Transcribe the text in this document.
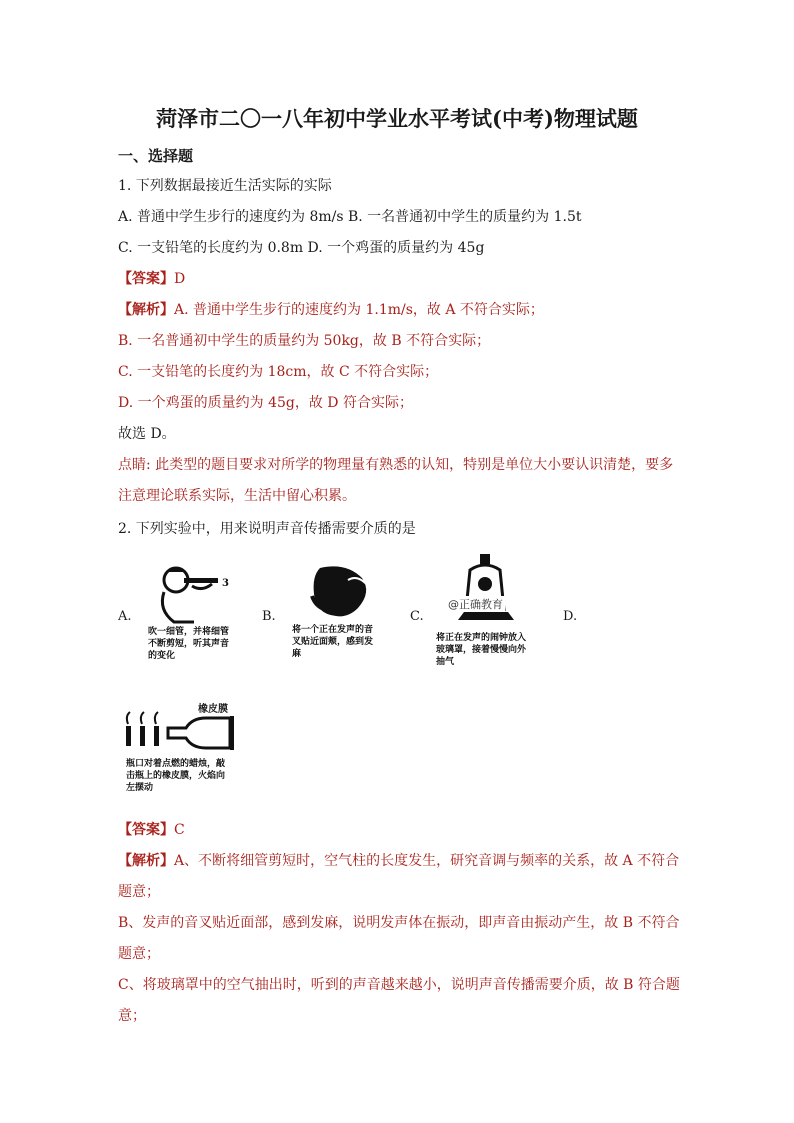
菏泽市二〇一八年初中学业水平考试(中考)物理试题
一、选择题
1. 下列数据最接近生活实际的实际
A. 普通中学生步行的速度约为 8m/s B. 一名普通初中学生的质量约为 1.5t
C. 一支铅笔的长度约为 0.8m D. 一个鸡蛋的质量约为 45g
【答案】D
【解析】A. 普通中学生步行的速度约为 1.1m/s，故 A 不符合实际；
B. 一名普通初中学生的质量约为 50kg，故 B 不符合实际；
C. 一支铅笔的长度约为 18cm，故 C 不符合实际；
D. 一个鸡蛋的质量约为 45g，故 D 符合实际；
故选 D。
点睛: 此类型的题目要求对所学的物理量有熟悉的认知，特别是单位大小要认识清楚，要多
注意理论联系实际，生活中留心积累。
2. 下列实验中，用来说明声音传播需要介质的是
A.	B.	C.	D.
3
吹一细管，并将细管不断剪短，听其声音的变化
将一个正在发声的音叉贴近面颊，感到发麻
@正确教育
将正在发声的闹钟放入玻璃罩，接着慢慢向外抽气
橡皮膜
瓶口对着点燃的蜡烛，敲击瓶上的橡皮膜，火焰向左摆动
【答案】C
【解析】A、不断将细管剪短时，空气柱的长度发生，研究音调与频率的关系，故 A 不符合
题意；
B、发声的音叉贴近面部，感到发麻，说明发声体在振动，即声音由振动产生，故 B 不符合
题意；
C、将玻璃罩中的空气抽出时，听到的声音越来越小，说明声音传播需要介质，故 B 符合题
意；
